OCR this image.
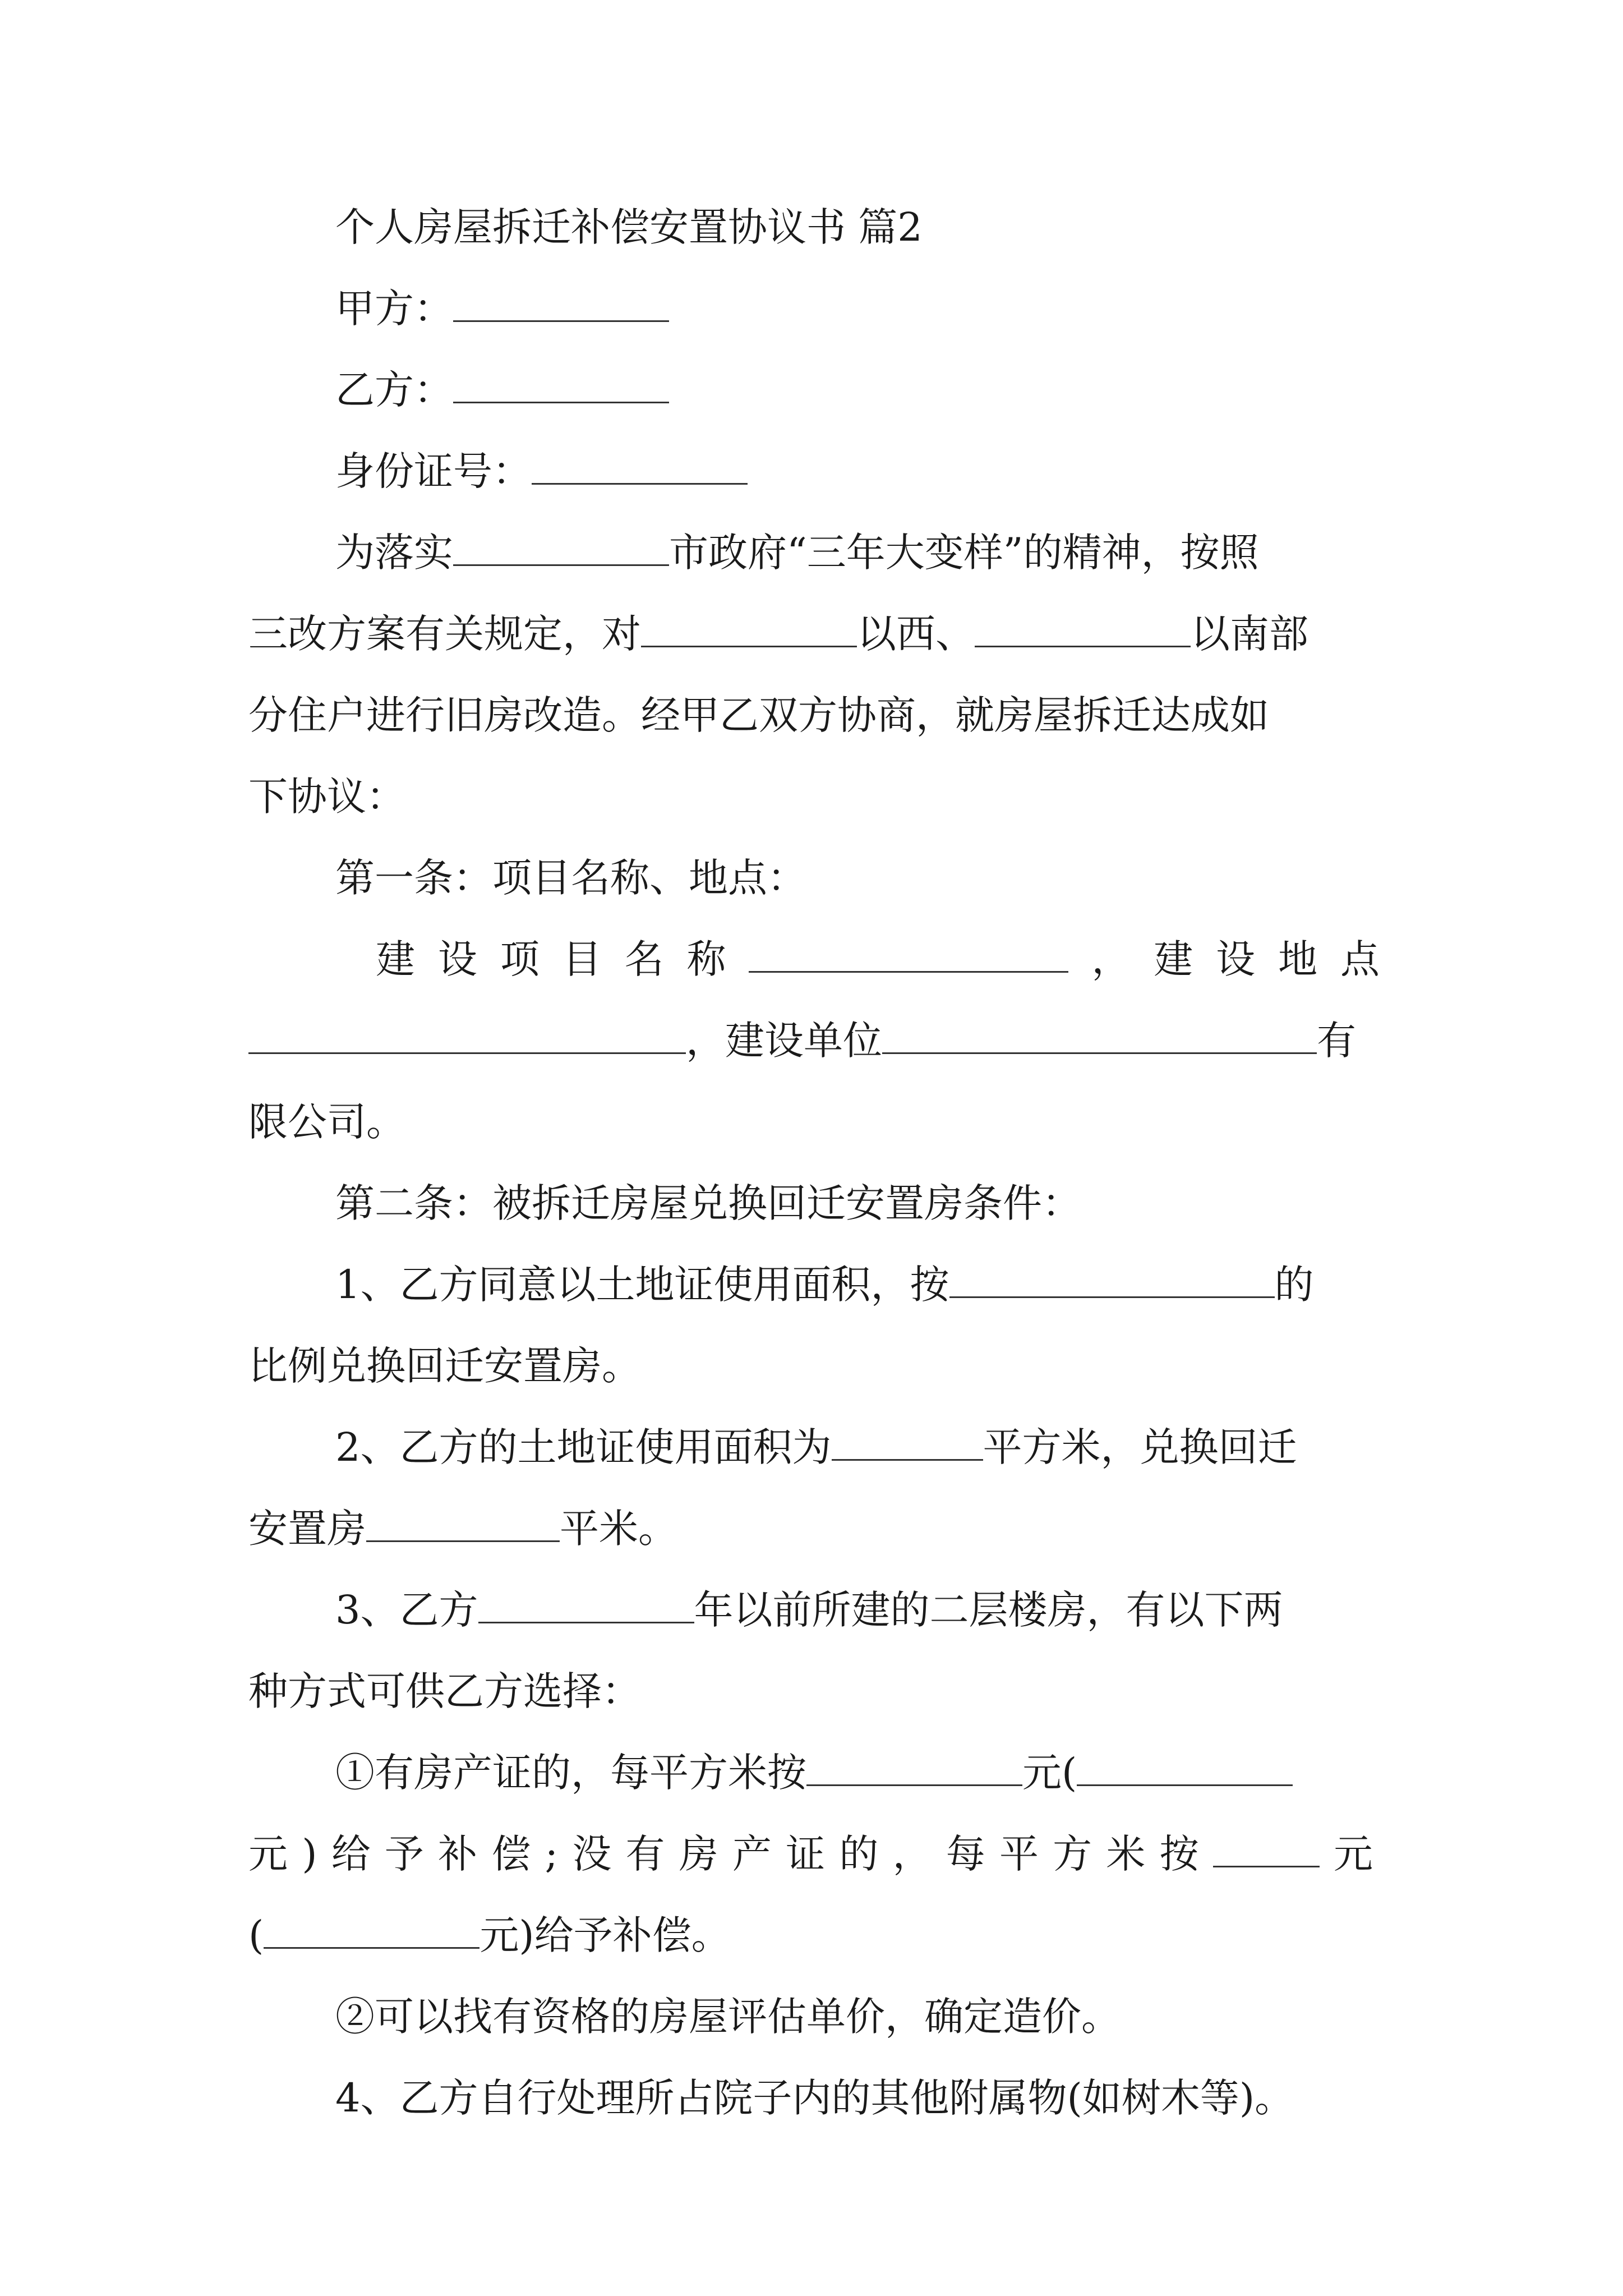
个人房屋拆迁补偿安置协议书 篇2
甲方：
乙方：
身份证号：
为落实	市政府“三年大变样”的精神，按照
三改方案有关规定，对	以西、	以南部
分住户进行旧房改造。经甲乙双方协商，就房屋拆迁达成如
下协议：
第一条：项目名称、地点：
建 设 项 目 名 称	， 建 设 地 点
，建设单位	有
限公司。
第二条：被拆迁房屋兑换回迁安置房条件：
1、乙方同意以土地证使用面积，按	的
比例兑换回迁安置房。
2、乙方的土地证使用面积为	平方米，兑换回迁
安置房	平米。
3、乙方	年以前所建的二层楼房，有以下两
种方式可供乙方选择：
①有房产证的，每平方米按	元(
元 ) 给 予 补 偿 ; 没 有 房 产 证 的 ， 每 平 方 米 按	元
(	元)给予补偿。
②可以找有资格的房屋评估单价，确定造价。
4、乙方自行处理所占院子内的其他附属物(如树木等)。
